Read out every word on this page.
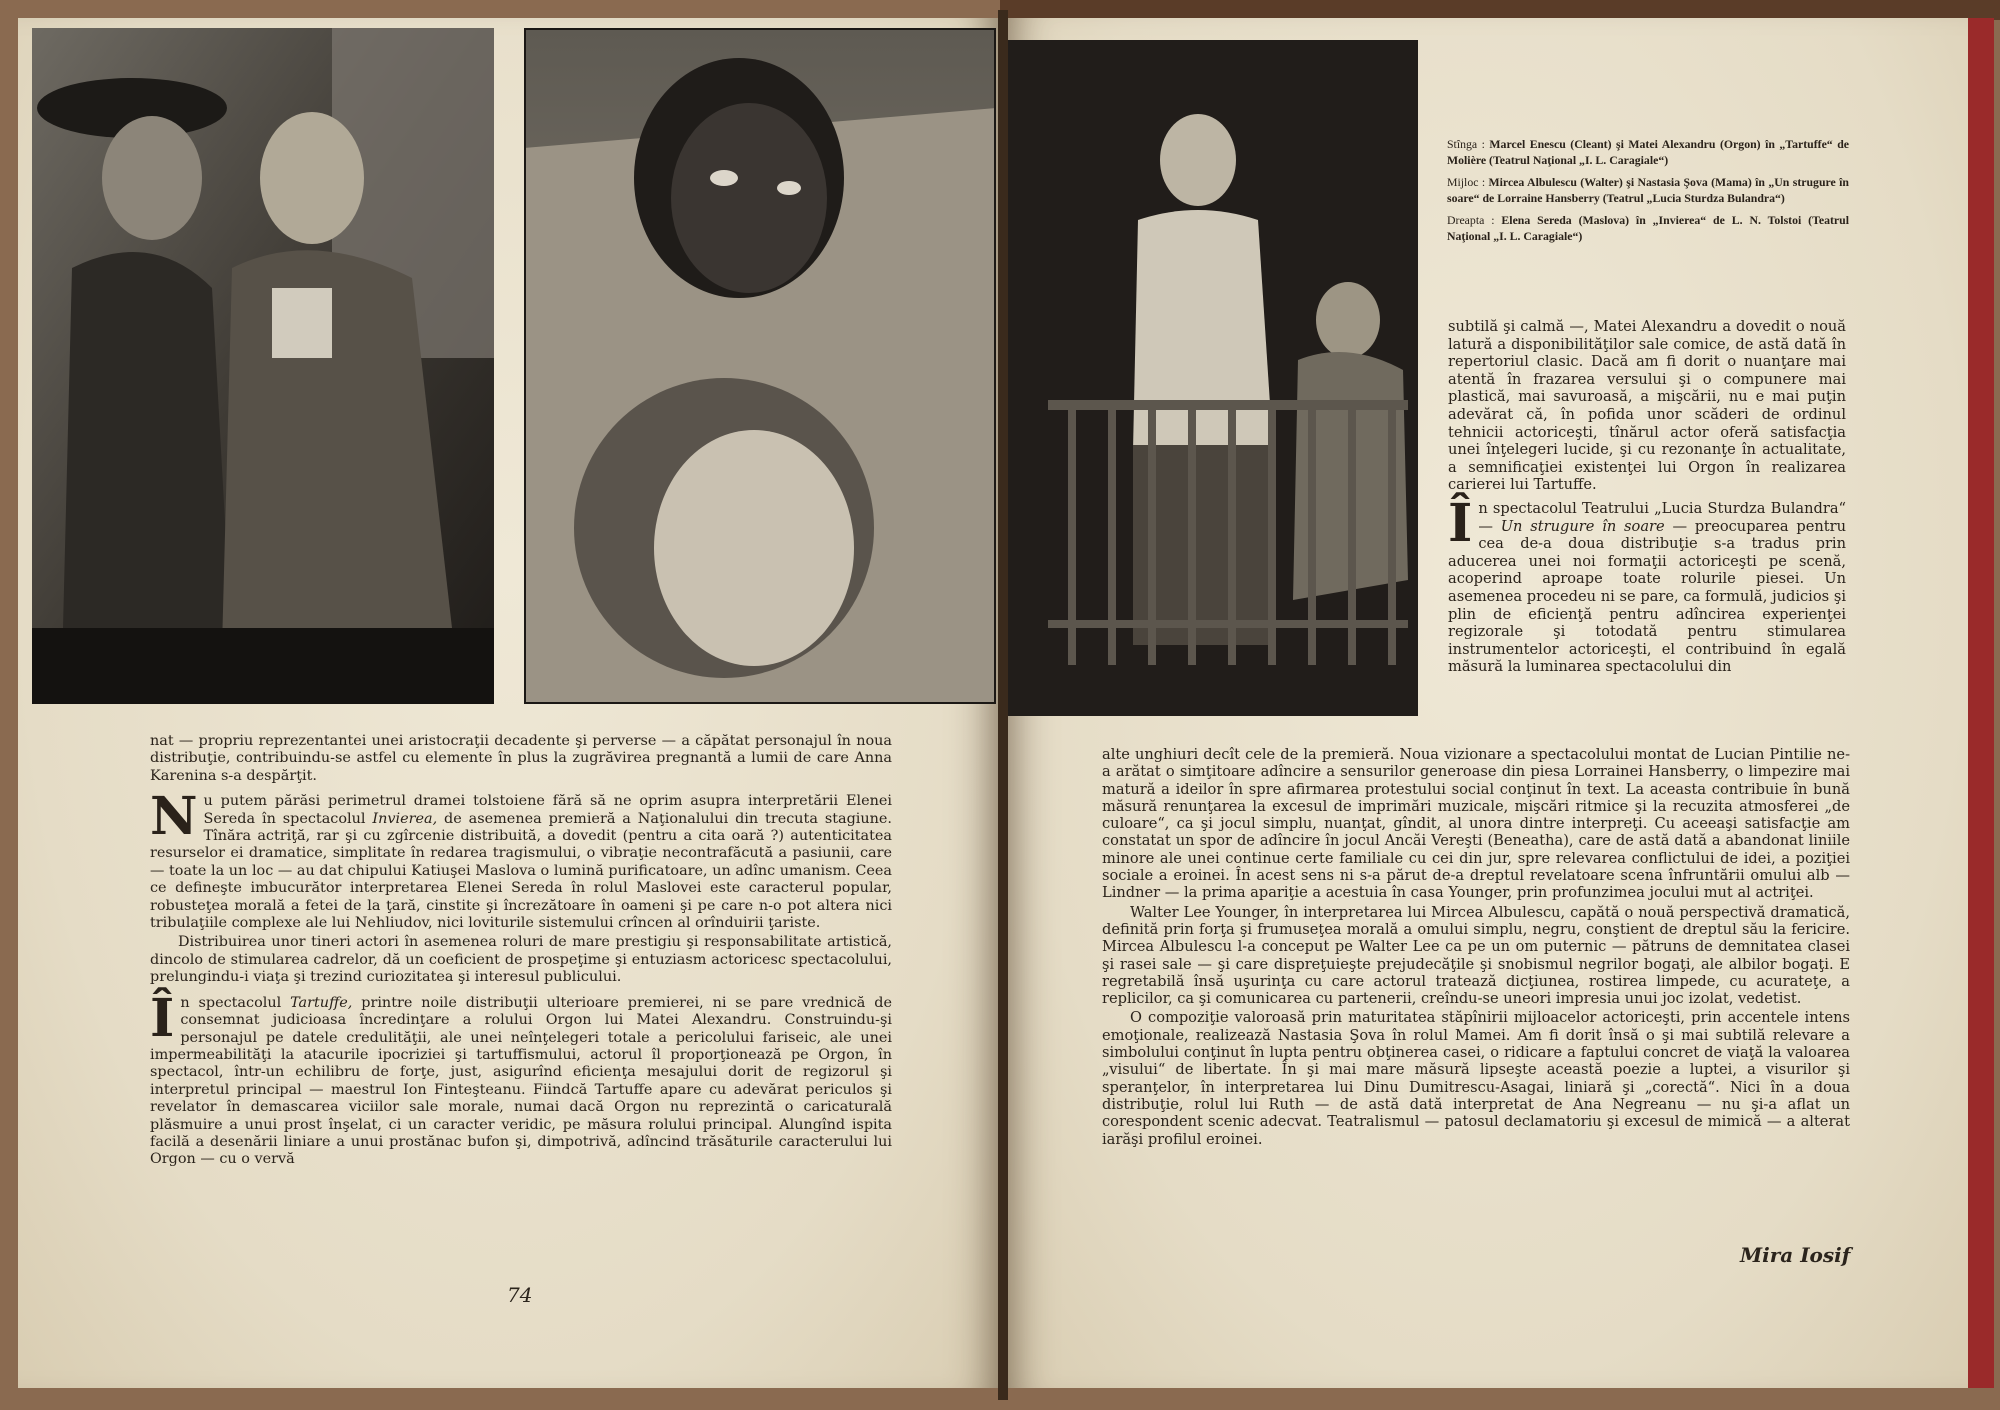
Stînga : Marcel Enescu (Cleant) şi Matei Alexandru (Orgon) în „Tartuffe“ de Molière (Teatrul Naţional „I. L. Caragiale“)

Mijloc : Mircea Albulescu (Walter) şi Nastasia Şova (Mama) în „Un strugure în soare“ de Lorraine Hansberry (Teatrul „Lucia Sturdza Bulandra“)

Dreapta : Elena Sereda (Maslova) în „Invierea“ de L. N. Tolstoi (Teatrul Naţional „I. L. Caragiale“)

nat — propriu reprezentantei unei aristocraţii decadente şi perverse — a căpătat personajul în noua distribuţie, contribuindu-se astfel cu elemente în plus la zugrăvirea pregnantă a lumii de care Anna Karenina s-a despărţit.

Nu putem părăsi perimetrul dramei tolstoiene fără să ne oprim asupra interpretării Elenei Sereda în spectacolul Invierea, de asemenea premieră a Naţionalului din trecuta stagiune. Tînăra actriţă, rar şi cu zgîrcenie distribuită, a dovedit (pentru a cita oară ?) autenticitatea resurselor ei dramatice, simplitate în redarea tragismului, o vibraţie necontrafăcută a pasiunii, care — toate la un loc — au dat chipului Katiuşei Maslova o lumină purificatoare, un adînc umanism. Ceea ce defineşte imbucurător interpretarea Elenei Sereda în rolul Maslovei este caracterul popular, robusteţea morală a fetei de la ţară, cinstite şi încrezătoare în oameni şi pe care n-o pot altera nici tribulaţiile complexe ale lui Nehliudov, nici loviturile sistemului crîncen al orînduirii ţariste.

Distribuirea unor tineri actori în asemenea roluri de mare prestigiu şi responsabilitate artistică, dincolo de stimularea cadrelor, dă un coeficient de prospeţime şi entuziasm actoricesc spectacolului, prelungindu-i viaţa şi trezind curiozitatea şi interesul publicului.

În spectacolul Tartuffe, printre noile distribuţii ulterioare premierei, ni se pare vrednică de consemnat judicioasa încredinţare a rolului Orgon lui Matei Alexandru. Construindu-şi personajul pe datele credulităţii, ale unei neînţelegeri totale a pericolului fariseic, ale unei impermeabilităţi la atacurile ipocriziei şi tartuffismului, actorul îl proporţionează pe Orgon, în spectacol, într-un echilibru de forţe, just, asigurînd eficienţa mesajului dorit de regizorul şi interpretul principal — maestrul Ion Finteşteanu. Fiindcă Tartuffe apare cu adevărat periculos şi revelator în demascarea viciilor sale morale, numai dacă Orgon nu reprezintă o caricaturală plăsmuire a unui prost înşelat, ci un caracter veridic, pe măsura rolului principal. Alungînd ispita facilă a desenării liniare a unui prostănac bufon şi, dimpotrivă, adîncind trăsăturile caracterului lui Orgon — cu o vervă

subtilă şi calmă —, Matei Alexandru a dovedit o nouă latură a disponibilităţilor sale comice, de astă dată în repertoriul clasic. Dacă am fi dorit o nuanţare mai atentă în frazarea versului şi o compunere mai plastică, mai savuroasă, a mişcării, nu e mai puţin adevărat că, în pofida unor scăderi de ordinul tehnicii actoriceşti, tînărul actor oferă satisfacţia unei înţelegeri lucide, şi cu rezonanţe în actualitate, a semnificaţiei existenţei lui Orgon în realizarea carierei lui Tartuffe.

În spectacolul Teatrului „Lucia Sturdza Bulandra“ — Un strugure în soare — preocuparea pentru cea de-a doua distribuţie s-a tradus prin aducerea unei noi formaţii actoriceşti pe scenă, acoperind aproape toate rolurile piesei. Un asemenea procedeu ni se pare, ca formulă, judicios şi plin de eficienţă pentru adîncirea experienţei regizorale şi totodată pentru stimularea instrumentelor actoriceşti, el contribuind în egală măsură la luminarea spectacolului din

alte unghiuri decît cele de la premieră. Noua vizionare a spectacolului montat de Lucian Pintilie ne-a arătat o simţitoare adîncire a sensurilor generoase din piesa Lorrainei Hansberry, o limpezire mai matură a ideilor în spre afirmarea protestului social conţinut în text. La aceasta contribuie în bună măsură renunţarea la excesul de imprimări muzicale, mişcări ritmice şi la recuzita atmosferei „de culoare“, ca şi jocul simplu, nuanţat, gîndit, al unora dintre interpreţi. Cu aceeaşi satisfacţie am constatat un spor de adîncire în jocul Ancăi Vereşti (Beneatha), care de astă dată a abandonat liniile minore ale unei continue certe familiale cu cei din jur, spre relevarea conflictului de idei, a poziţiei sociale a eroinei. În acest sens ni s-a părut de-a dreptul revelatoare scena înfruntării omului alb — Lindner — la prima apariţie a acestuia în casa Younger, prin profunzimea jocului mut al actriţei.

Walter Lee Younger, în interpretarea lui Mircea Albulescu, capătă o nouă perspectivă dramatică, definită prin forţa şi frumuseţea morală a omului simplu, negru, conştient de dreptul său la fericire. Mircea Albulescu l-a conceput pe Walter Lee ca pe un om puternic — pătruns de demnitatea clasei şi rasei sale — şi care dispreţuieşte prejudecăţile şi snobismul negrilor bogaţi, ale albilor bogaţi. E regretabilă însă uşurinţa cu care actorul tratează dicţiunea, rostirea limpede, cu acurateţe, a replicilor, ca şi comunicarea cu partenerii, creîndu-se uneori impresia unui joc izolat, vedetist.

O compoziţie valoroasă prin maturitatea stăpînirii mijloacelor actoriceşti, prin accentele intens emoţionale, realizează Nastasia Şova în rolul Mamei. Am fi dorit însă o şi mai subtilă relevare a simbolului conţinut în lupta pentru obţinerea casei, o ridicare a faptului concret de viaţă la valoarea „visului“ de libertate. În şi mai mare măsură lipseşte această poezie a luptei, a visurilor şi speranţelor, în interpretarea lui Dinu Dumitrescu-Asagai, liniară şi „corectă“. Nici în a doua distribuţie, rolul lui Ruth — de astă dată interpretat de Ana Negreanu — nu şi-a aflat un corespondent scenic adecvat. Teatralismul — patosul declamatoriu şi excesul de mimică — a alterat iarăşi profilul eroinei.

Mira Iosif
74
